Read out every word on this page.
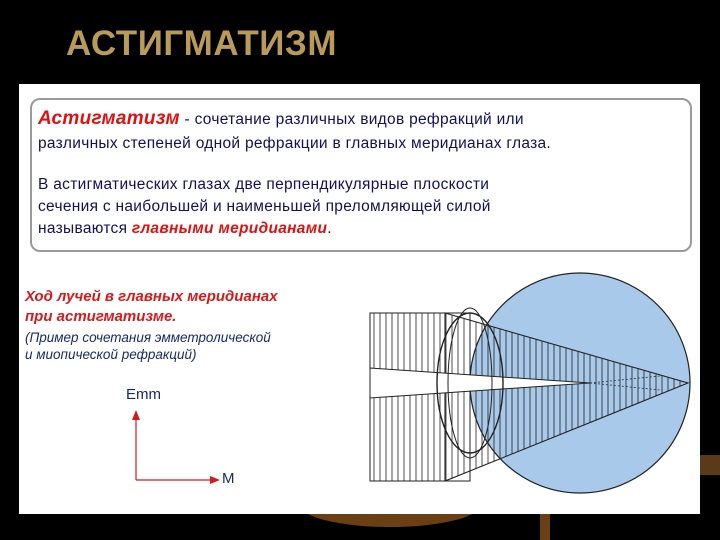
АСТИГМАТИЗМ
Астигматизм - сочетание различных видов рефракций или
различных степеней одной рефракции в главных меридианах глаза.
В астигматических глазах две перпендикулярные плоскости
сечения с наибольшей и наименьшей преломляющей силой
называются главными меридианами.
Ход лучей в главных меридианах
при астигматизме.
(Пример сочетания эмметролической
и миопической рефракций)
Emm
M
